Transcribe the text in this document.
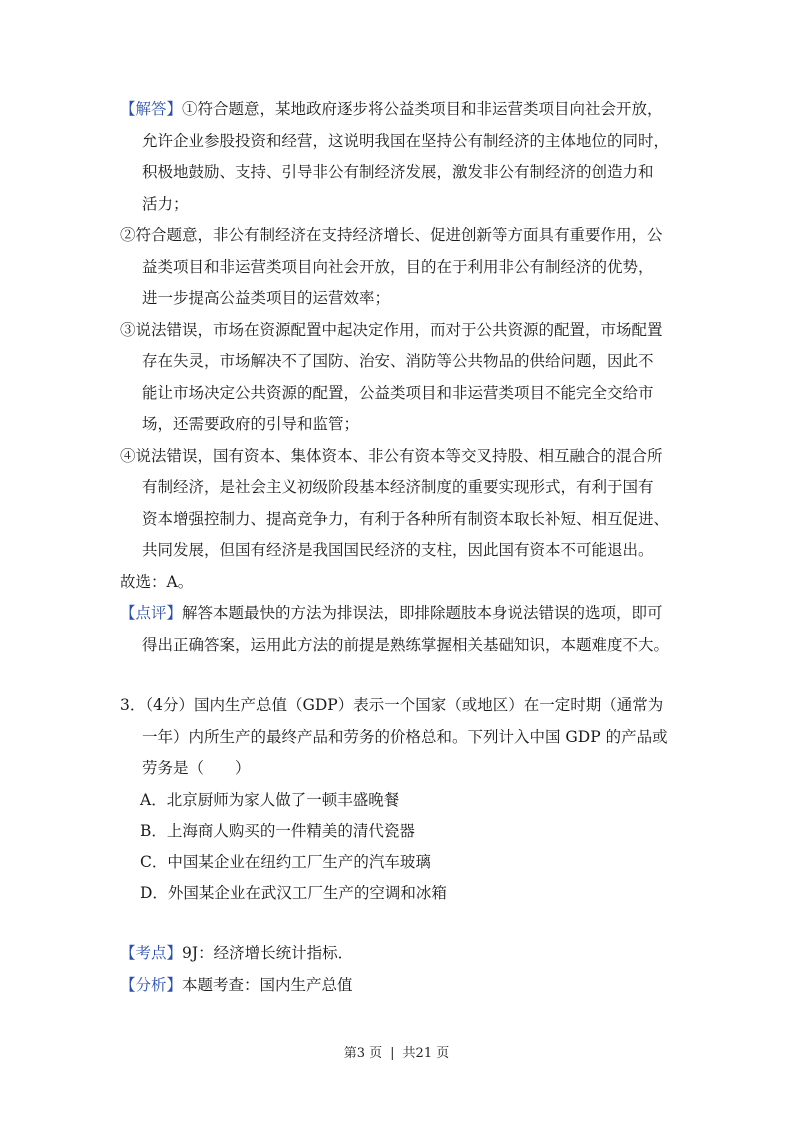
【解答】①符合题意，某地政府逐步将公益类项目和非运营类项目向社会开放，
允许企业参股投资和经营，这说明我国在坚持公有制经济的主体地位的同时，
积极地鼓励、支持、引导非公有制经济发展，激发非公有制经济的创造力和
活力；
②符合题意，非公有制经济在支持经济增长、促进创新等方面具有重要作用，公
益类项目和非运营类项目向社会开放，目的在于利用非公有制经济的优势，
进一步提高公益类项目的运营效率；
③说法错误，市场在资源配置中起决定作用，而对于公共资源的配置，市场配置
存在失灵，市场解决不了国防、治安、消防等公共物品的供给问题，因此不
能让市场决定公共资源的配置，公益类项目和非运营类项目不能完全交给市
场，还需要政府的引导和监管；
④说法错误，国有资本、集体资本、非公有资本等交叉持股、相互融合的混合所
有制经济，是社会主义初级阶段基本经济制度的重要实现形式，有利于国有
资本增强控制力、提高竞争力，有利于各种所有制资本取长补短、相互促进、
共同发展，但国有经济是我国国民经济的支柱，因此国有资本不可能退出。
故选：A。
【点评】解答本题最快的方法为排误法，即排除题肢本身说法错误的选项，即可
得出正确答案，运用此方法的前提是熟练掌握相关基础知识，本题难度不大。
3．（4分）国内生产总值（GDP）表示一个国家（或地区）在一定时期（通常为
一年）内所生产的最终产品和劳务的价格总和。下列计入中国 GDP 的产品或
劳务是（　　）
A．北京厨师为家人做了一顿丰盛晚餐
B．上海商人购买的一件精美的清代瓷器
C．中国某企业在纽约工厂生产的汽车玻璃
D．外国某企业在武汉工厂生产的空调和冰箱
【考点】9J：经济增长统计指标．
【分析】本题考查：国内生产总值
第3 页 | 共21 页
